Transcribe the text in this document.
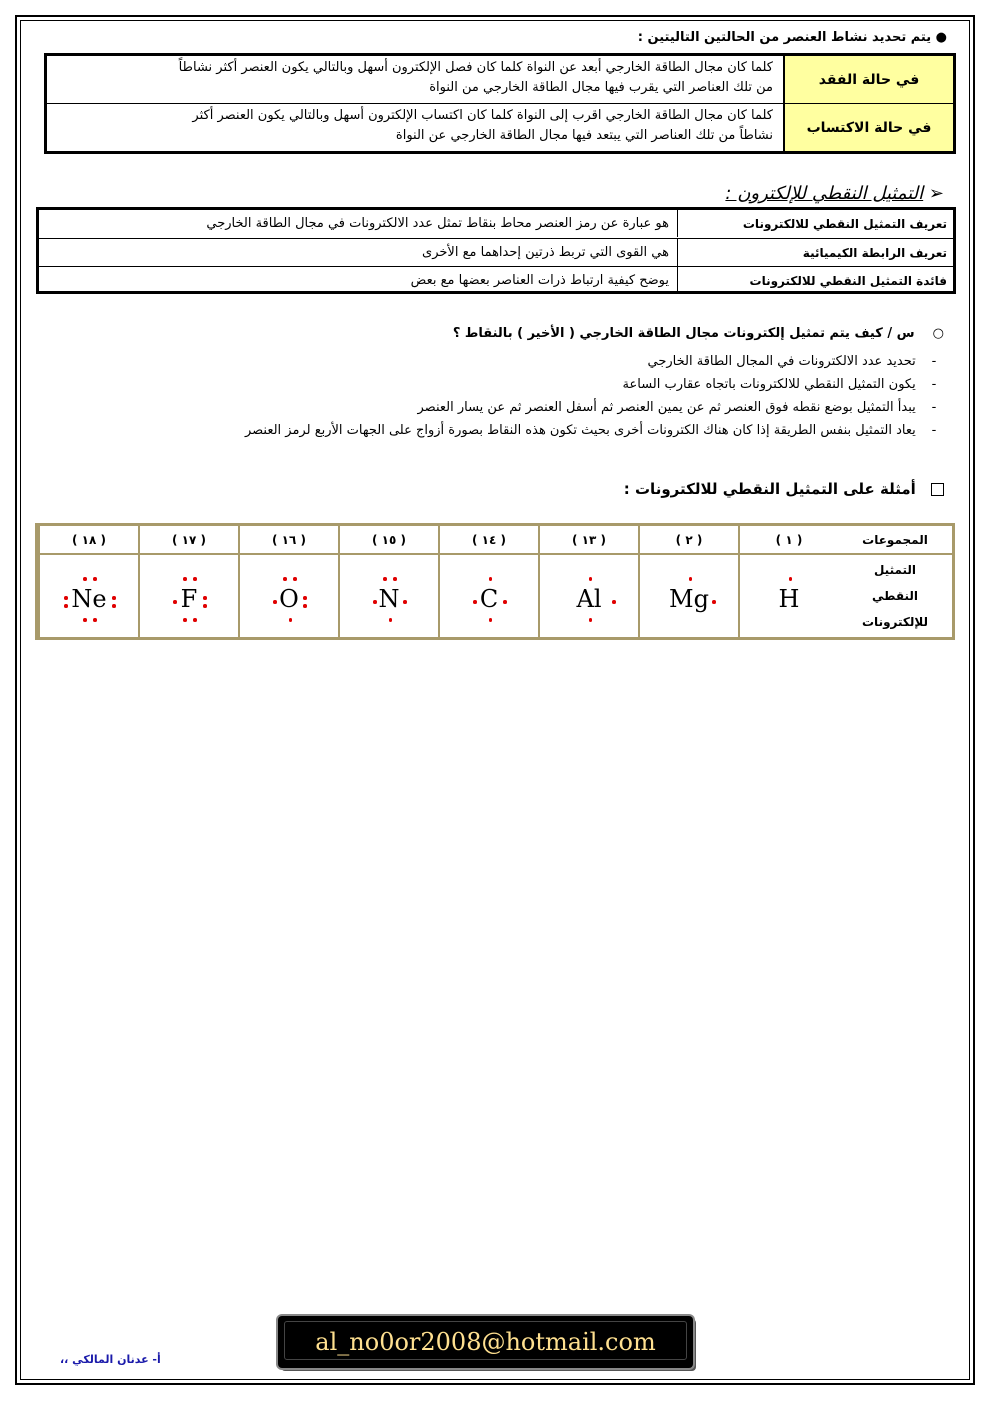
● يتم تحديد نشاط العنصر من الحالتين التاليتين :
في حالة الفقد
كلما كان مجال الطاقة الخارجي أبعد عن النواة كلما كان فصل الإلكترون أسهل وبالتالي يكون العنصر أكثر نشاطاً
من تلك العناصر التي يقرب فيها مجال الطاقة الخارجي من النواة
في حالة الاكتساب
كلما كان مجال الطاقة الخارجي اقرب إلى النواة كلما كان اكتساب الإلكترون أسهل وبالتالي يكون العنصر أكثر
نشاطاً من تلك العناصر التي يبتعد فيها مجال الطاقة الخارجي عن النواة
➢ التمثيل النقطي للإلكترون :
تعريف التمثيل النقطي للالكترونات
هو عبارة عن رمز العنصر محاط بنقاط تمثل عدد الالكترونات في مجال الطاقة الخارجي
تعريف الرابطة الكيميائية
هي القوى التي تربط ذرتين إحداهما مع الأخرى
فائدة التمثيل النقطي للالكترونات
يوضح كيفية ارتباط ذرات العناصر بعضها مع بعض
○    س / كيف يتم تمثيل إلكترونات مجال الطاقة الخارجي ( الأخير ) بالنقاط ؟
-

تحديد عدد الالكترونات في المجال الطاقة الخارجي
-

يكون التمثيل النقطي للالكترونات باتجاه عقارب الساعة
-

يبدأ التمثيل بوضع نقطه فوق العنصر ثم عن يمين العنصر ثم أسفل العنصر ثم عن يسار العنصر
-

يعاد التمثيل بنفس الطريقة إذا كان هناك الكترونات أخرى بحيث تكون هذه النقاط بصورة أزواج على الجهات الأربع لرمز العنصر
أمثلة على التمثيل النقطي للالكترونات :
المجموعات
التمثيل
النقطي
للإلكترونات
( ١ )
H
( ٢ )
Mg
( ١٣ )
Al
( ١٤ )
C
( ١٥ )
N
( ١٦ )
O
( ١٧ )
F
( ١٨ )
Ne
al_no0or2008@hotmail.com
أ- عدنان المالكي ،،
